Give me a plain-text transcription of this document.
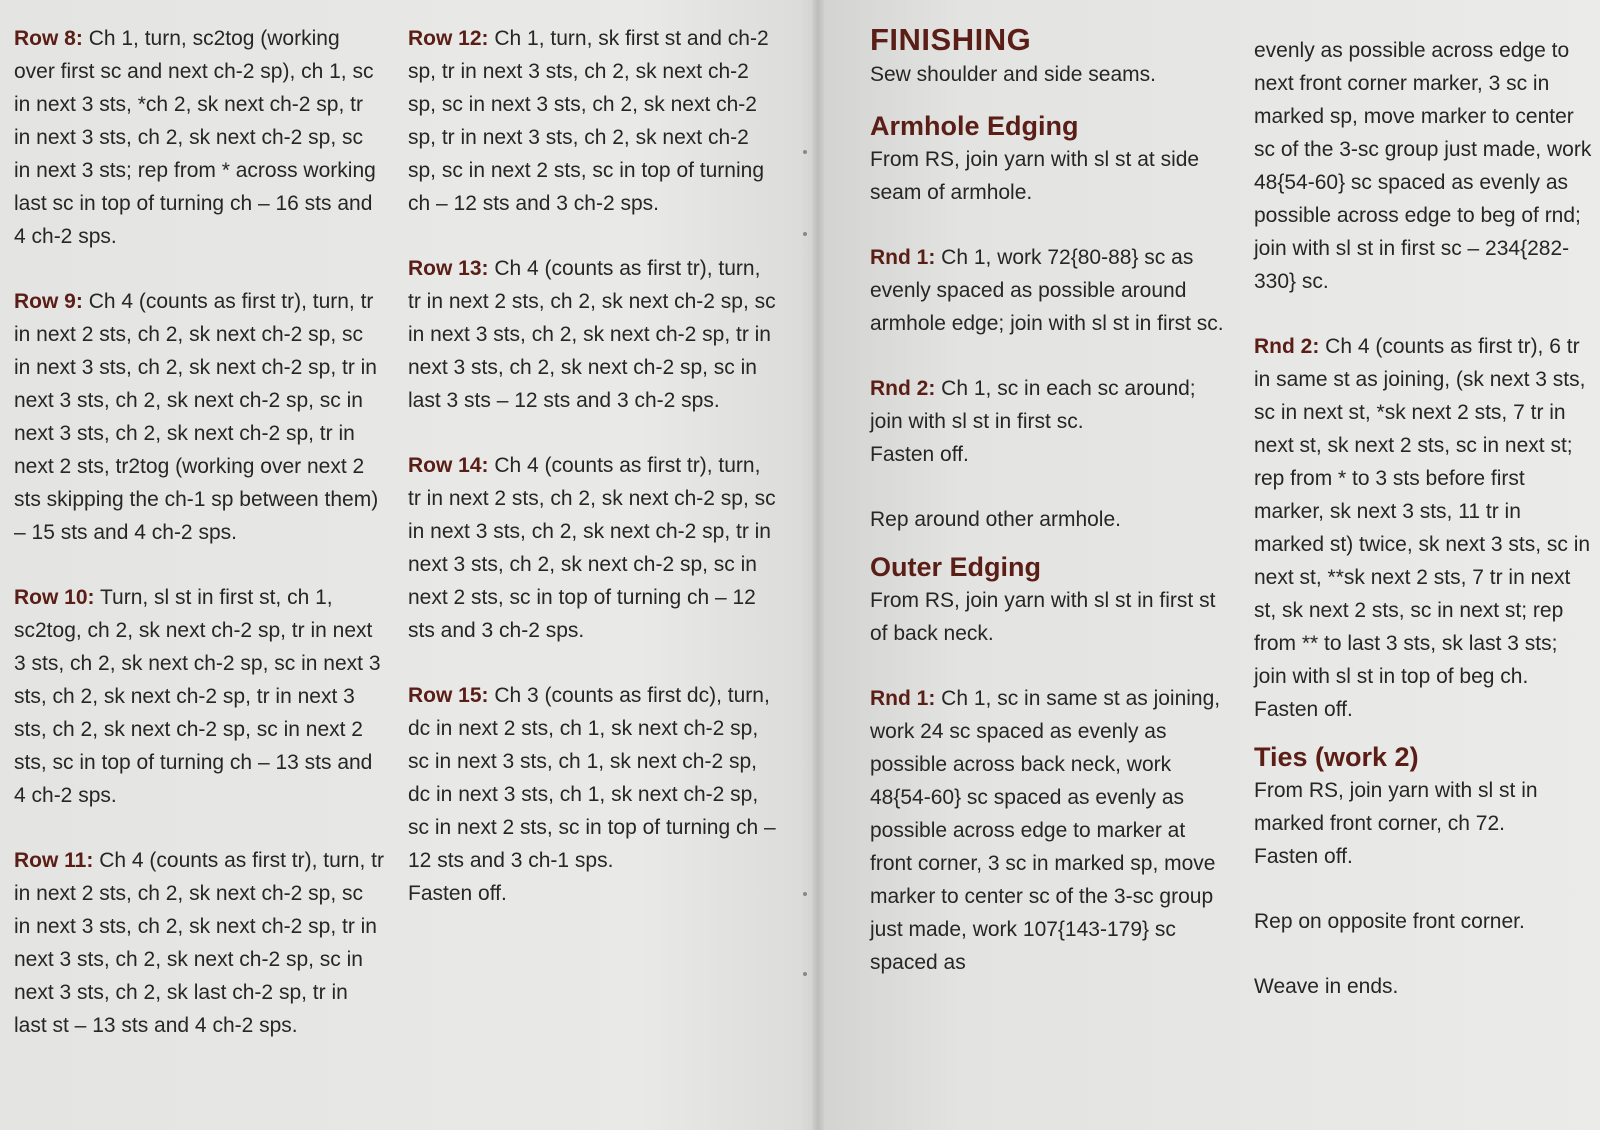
Row 8: Ch 1, turn, sc2tog (working over first sc and next ch-2 sp), ch 1, sc in next 3 sts, *ch 2, sk next ch-2 sp, tr in next 3 sts, ch 2, sk next ch-2 sp, sc in next 3 sts; rep from * across working last sc in top of turning ch – 16 sts and 4 ch-2 sps.

Row 9: Ch 4 (counts as first tr), turn, tr in next 2 sts, ch 2, sk next ch-2 sp, sc in next 3 sts, ch 2, sk next ch-2 sp, tr in next 3 sts, ch 2, sk next ch-2 sp, sc in next 3 sts, ch 2, sk next ch-2 sp, tr in next 2 sts, tr2tog (working over next 2 sts skipping the ch-1 sp between them) – 15 sts and 4 ch-2 sps.

Row 10: Turn, sl st in first st, ch 1, sc2tog, ch 2, sk next ch-2 sp, tr in next 3 sts, ch 2, sk next ch-2 sp, sc in next 3 sts, ch 2, sk next ch-2 sp, tr in next 3 sts, ch 2, sk next ch-2 sp, sc in next 2 sts, sc in top of turning ch – 13 sts and 4 ch-2 sps.

Row 11: Ch 4 (counts as first tr), turn, tr in next 2 sts, ch 2, sk next ch-2 sp, sc in next 3 sts, ch 2, sk next ch-2 sp, tr in next 3 sts, ch 2, sk next ch-2 sp, sc in next 3 sts, ch 2, sk last ch-2 sp, tr in last st – 13 sts and 4 ch-2 sps.

Row 12: Ch 1, turn, sk first st and ch-2 sp, tr in next 3 sts, ch 2, sk next ch-2 sp, sc in next 3 sts, ch 2, sk next ch-2 sp, tr in next 3 sts, ch 2, sk next ch-2 sp, sc in next 2 sts, sc in top of turning ch – 12 sts and 3 ch-2 sps.

Row 13: Ch 4 (counts as first tr), turn, tr in next 2 sts, ch 2, sk next ch-2 sp, sc in next 3 sts, ch 2, sk next ch-2 sp, tr in next 3 sts, ch 2, sk next ch-2 sp, sc in last 3 sts – 12 sts and 3 ch-2 sps.

Row 14: Ch 4 (counts as first tr), turn, tr in next 2 sts, ch 2, sk next ch-2 sp, sc in next 3 sts, ch 2, sk next ch-2 sp, tr in next 3 sts, ch 2, sk next ch-2 sp, sc in next 2 sts, sc in top of turning ch – 12 sts and 3 ch-2 sps.

Row 15: Ch 3 (counts as first dc), turn, dc in next 2 sts, ch 1, sk next ch-2 sp, sc in next 3 sts, ch 1, sk next ch-2 sp, dc in next 3 sts, ch 1, sk next ch-2 sp, sc in next 2 sts, sc in top of turning ch – 12 sts and 3 ch-1 sps.

Fasten off.

FINISHING

Sew shoulder and side seams.

Armhole Edging

From RS, join yarn with sl st at side seam of armhole.

Rnd 1: Ch 1, work 72{80-88} sc as evenly spaced as possible around armhole edge; join with sl st in first sc.

Rnd 2: Ch 1, sc in each sc around; join with sl st in first sc.

Fasten off.

Rep around other armhole.

Outer Edging

From RS, join yarn with sl st in first st of back neck.

Rnd 1: Ch 1, sc in same st as joining, work 24 sc spaced as evenly as possible across back neck, work 48{54-60} sc spaced as evenly as possible across edge to marker at front corner, 3 sc in marked sp, move marker to center sc of the 3-sc group just made, work 107{143-179} sc spaced as

evenly as possible across edge to next front corner marker, 3 sc in marked sp, move marker to center sc of the 3-sc group just made, work 48{54-60} sc spaced as evenly as possible across edge to beg of rnd; join with sl st in first sc – 234{282-330} sc.

Rnd 2: Ch 4 (counts as first tr), 6 tr in same st as joining, (sk next 3 sts, sc in next st, *sk next 2 sts, 7 tr in next st, sk next 2 sts, sc in next st; rep from * to 3 sts before first marker, sk next 3 sts, 11 tr in marked st) twice, sk next 3 sts, sc in next st, **sk next 2 sts, 7 tr in next st, sk next 2 sts, sc in next st; rep from ** to last 3 sts, sk last 3 sts; join with sl st in top of beg ch.

Fasten off.

Ties (work 2)

From RS, join yarn with sl st in marked front corner, ch 72.

Fasten off.

Rep on opposite front corner.

Weave in ends.
